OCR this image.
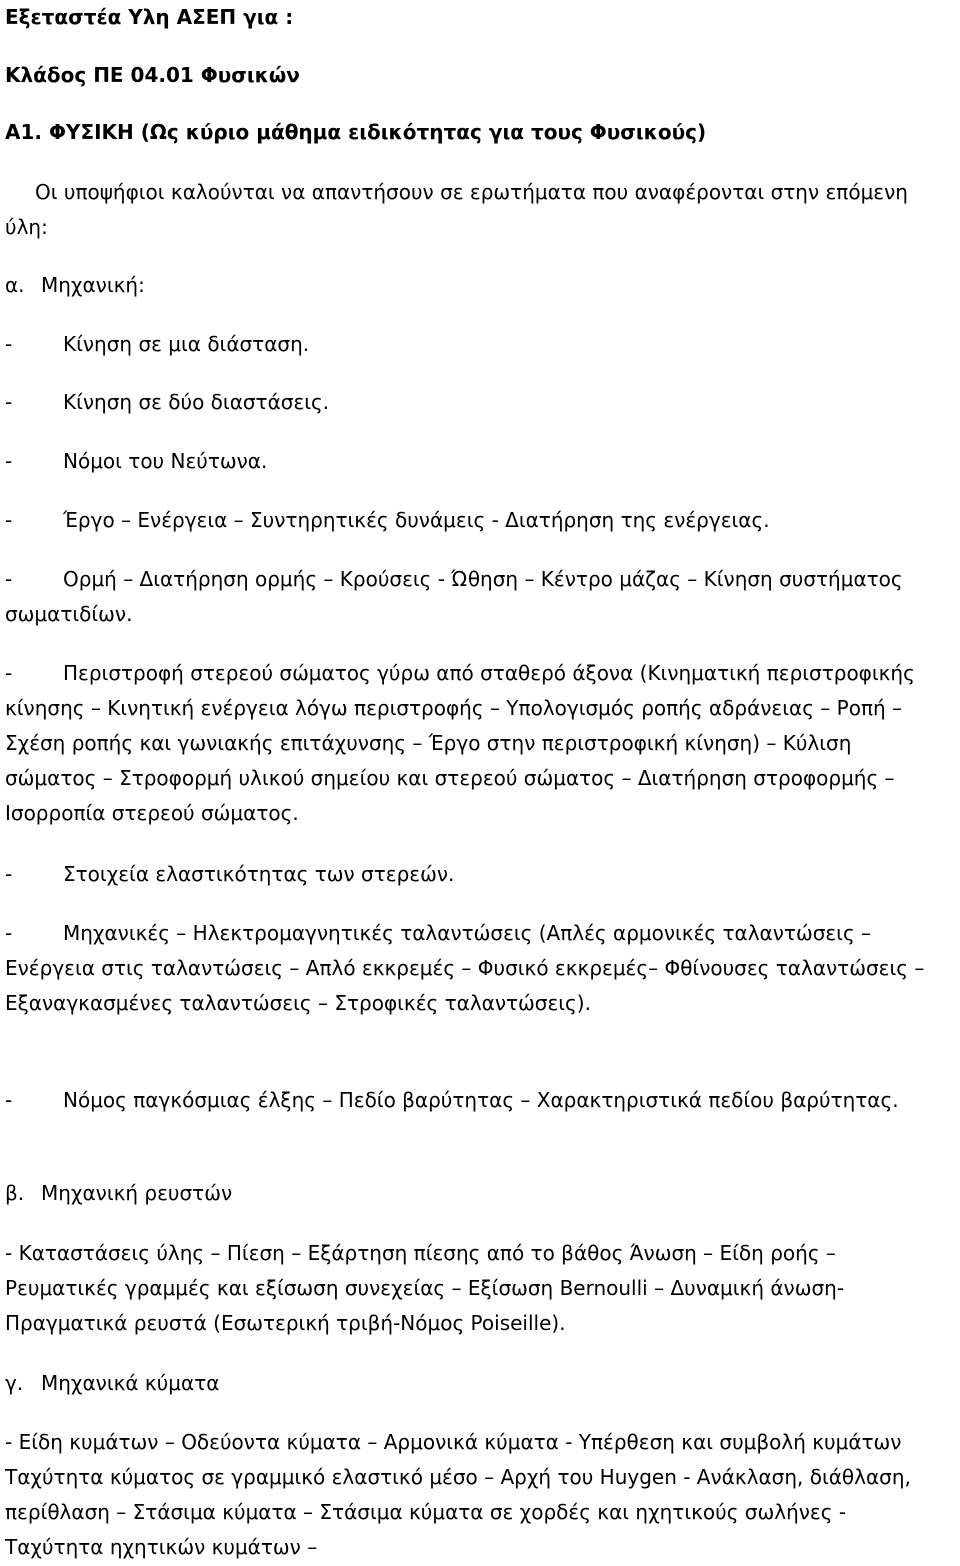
Εξεταστέα Υλη ΑΣΕΠ για :

Κλάδος ΠΕ 04.01 Φυσικών

Α1. ΦΥΣΙΚΗ (Ως κύριο μάθημα ειδικότητας για τους Φυσικούς)

Οι υποψήφιοι καλούνται να απαντήσουν σε ερωτήματα που αναφέρονται στην επόμενη ύλη:

α. Μηχανική:

-	Κίνηση σε μια διάσταση.

-	Κίνηση σε δύο διαστάσεις.

-	Νόμοι του Νεύτωνα.

-	Έργο – Ενέργεια – Συντηρητικές δυνάμεις - Διατήρηση της ενέργειας.

-	Ορμή – Διατήρηση ορμής – Κρούσεις - Ώθηση – Κέντρο μάζας – Κίνηση συστήματος σωματιδίων.

-	Περιστροφή στερεού σώματος γύρω από σταθερό άξονα (Κινηματική περιστροφικής κίνησης – Κινητική ενέργεια λόγω περιστροφής – Υπολογισμός ροπής αδράνειας – Ροπή – Σχέση ροπής και γωνιακής επιτάχυνσης – Έργο στην περιστροφική κίνηση) – Κύλιση σώματος – Στροφορμή υλικού σημείου και στερεού σώματος – Διατήρηση στροφορμής – Ισορροπία στερεού σώματος.

-	Στοιχεία ελαστικότητας των στερεών.

-	Μηχανικές – Ηλεκτρομαγνητικές ταλαντώσεις (Απλές αρμονικές ταλαντώσεις – Ενέργεια στις ταλαντώσεις – Απλό εκκρεμές – Φυσικό εκκρεμές– Φθίνουσες ταλαντώσεις – Εξαναγκασμένες ταλαντώσεις – Στροφικές ταλαντώσεις).

-	Νόμος παγκόσμιας έλξης – Πεδίο βαρύτητας – Χαρακτηριστικά πεδίου βαρύτητας.

β. Μηχανική ρευστών

- Καταστάσεις ύλης – Πίεση – Εξάρτηση πίεσης από το βάθος Άνωση – Είδη ροής – Ρευματικές γραμμές και εξίσωση συνεχείας – Εξίσωση Bernoulli – Δυναμική άνωση-Πραγματικά ρευστά (Εσωτερική τριβή-Νόμος Poiseille).

γ. Μηχανικά κύματα

- Είδη κυμάτων – Οδεύοντα κύματα – Αρμονικά κύματα - Υπέρθεση και συμβολή κυμάτων Ταχύτητα κύματος σε γραμμικό ελαστικό μέσο – Αρχή του Huygen - Ανάκλαση, διάθλαση, περίθλαση – Στάσιμα κύματα – Στάσιμα κύματα σε χορδές και ηχητικούς σωλήνες - Ταχύτητα ηχητικών κυμάτων –
